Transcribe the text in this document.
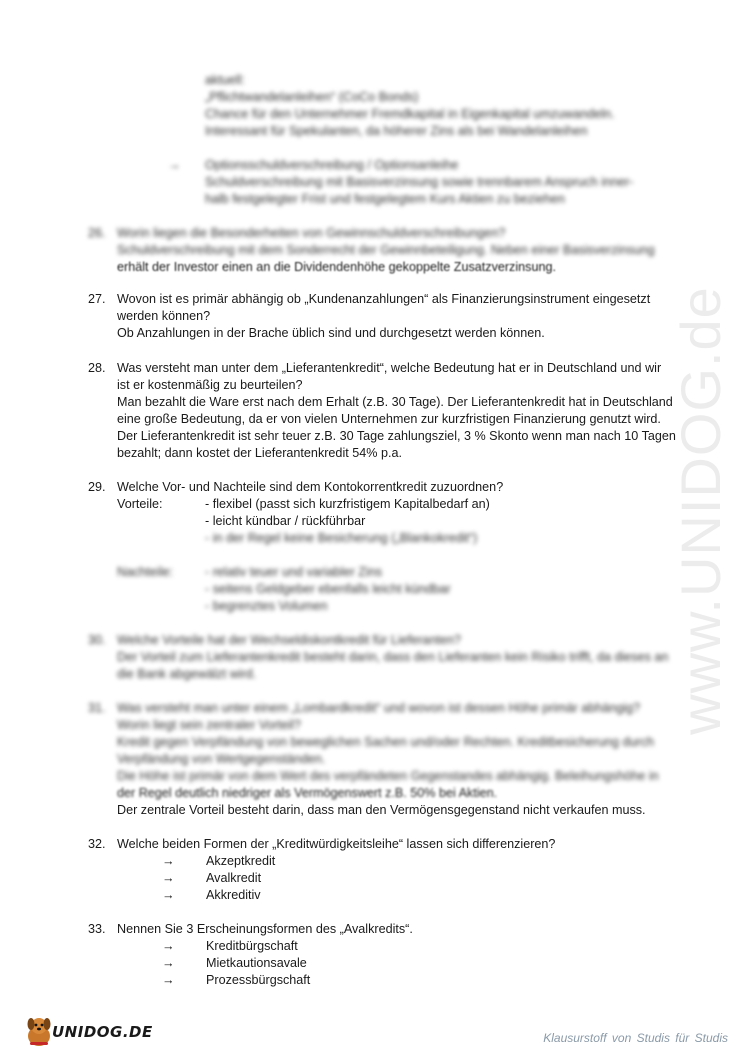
www.UNIDOG.de
aktuell:
„Pflichtwandelanleihen“ (CoCo Bonds)
Chance für den Unternehmer Fremdkapital in Eigenkapital umzuwandeln.
Interessant für Spekulanten, da höherer Zins als bei Wandelanleihen
→ Optionsschuldverschreibung / Optionsanleihe
Schuldverschreibung mit Basisverzinsung sowie trennbarem Anspruch inner-
halb festgelegter Frist und festgelegtem Kurs Aktien zu beziehen
26. Worin liegen die Besonderheiten von Gewinnschuldverschreibungen?
Schuldverschreibung mit dem Sonderrecht der Gewinnbeteiligung. Neben einer Basisverzinsung
erhält der Investor einen an die Dividendenhöhe gekoppelte Zusatzverzinsung.
27. Wovon ist es primär abhängig ob „Kundenanzahlungen“ als Finanzierungsinstrument eingesetzt
werden können?
Ob Anzahlungen in der Brache üblich sind und durchgesetzt werden können.
28. Was versteht man unter dem „Lieferantenkredit“, welche Bedeutung hat er in Deutschland und wir
ist er kostenmäßig zu beurteilen?
Man bezahlt die Ware erst nach dem Erhalt (z.B. 30 Tage). Der Lieferantenkredit hat in Deutschland
eine große Bedeutung, da er von vielen Unternehmen zur kurzfristigen Finanzierung genutzt wird.
Der Lieferantenkredit ist sehr teuer z.B. 30 Tage zahlungsziel, 3 % Skonto wenn man nach 10 Tagen
bezahlt; dann kostet der Lieferantenkredit 54% p.a.
29. Welche Vor- und Nachteile sind dem Kontokorrentkredit zuzuordnen?
Vorteile:	- flexibel (passt sich kurzfristigem Kapitalbedarf an)
- leicht kündbar / rückführbar
- in der Regel keine Besicherung („Blankokredit“)
Nachteile:	- relativ teuer und variabler Zins
- seitens Geldgeber ebenfalls leicht kündbar
- begrenztes Volumen
30. Welche Vorteile hat der Wechseldiskontkredit für Lieferanten?
Der Vorteil zum Lieferantenkredit besteht darin, dass den Lieferanten kein Risiko trifft, da dieses an
die Bank abgewälzt wird.
31. Was versteht man unter einem „Lombardkredit“ und wovon ist dessen Höhe primär abhängig?
Worin liegt sein zentraler Vorteil?
Kredit gegen Verpfändung von beweglichen Sachen und/oder Rechten. Kreditbesicherung durch
Verpfändung von Wertgegenständen.
Die Höhe ist primär von dem Wert des verpfändeten Gegenstandes abhängig. Beleihungshöhe in
der Regel deutlich niedriger als Vermögenswert z.B. 50% bei Aktien.
Der zentrale Vorteil besteht darin, dass man den Vermögensgegenstand nicht verkaufen muss.
32. Welche beiden Formen der „Kreditwürdigkeitsleihe“ lassen sich differenzieren?
→ Akzeptkredit
→ Avalkredit
→ Akkreditiv
33. Nennen Sie 3 Erscheinungsformen des „Avalkredits“.
→ Kreditbürgschaft
→ Mietkautionsavale
→ Prozessbürgschaft
UNIDOG.DE	Klausurstoff von Studis für Studis
